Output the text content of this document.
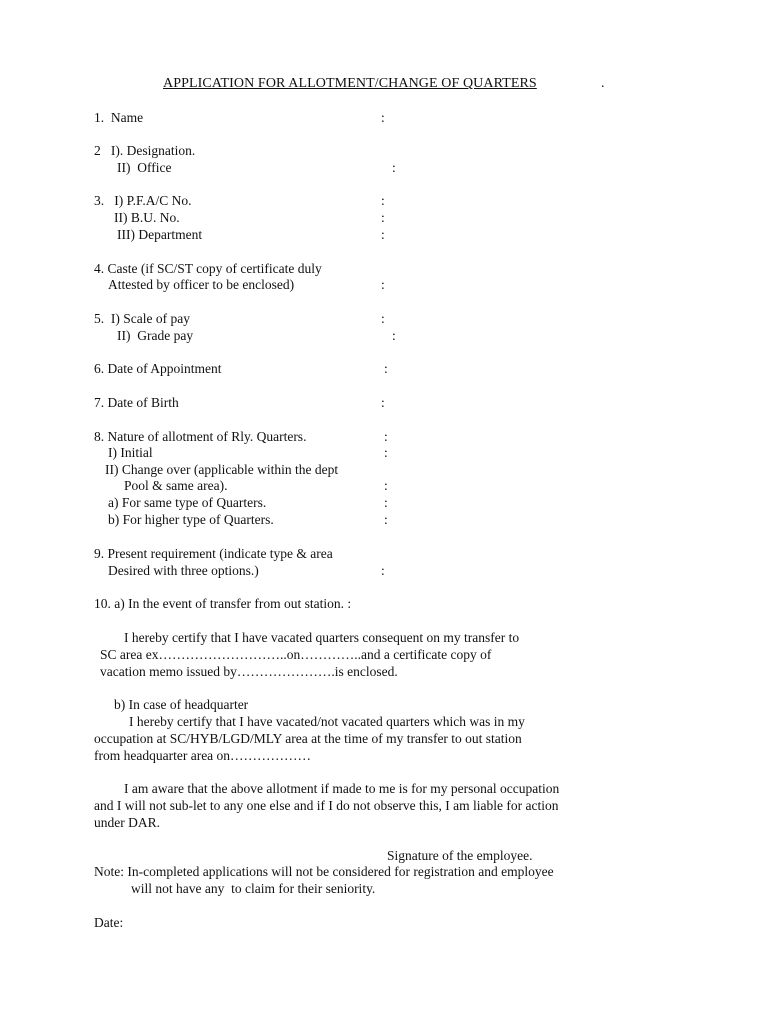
APPLICATION FOR ALLOTMENT/CHANGE OF QUARTERS	.
1.  Name	:
2   I). Designation.
II)  Office	:
3.   I) P.F.A/C No.	:
II) B.U. No.	:
III) Department	:
4. Caste (if SC/ST copy of certificate duly
Attested by officer to be enclosed)	:
5.  I) Scale of pay	:
II)  Grade pay	:
6. Date of Appointment	:
7. Date of Birth	:
8. Nature of allotment of Rly. Quarters.	:
I) Initial	:
II) Change over (applicable within the dept
Pool & same area).	:
a) For same type of Quarters.	:
b) For higher type of Quarters.	:
9. Present requirement (indicate type & area
Desired with three options.)	:
10. a) In the event of transfer from out station. :
I hereby certify that I have vacated quarters consequent on my transfer to
SC area ex………………………..on…………..and a certificate copy of
vacation memo issued by………………….is enclosed.
b) In case of headquarter
I hereby certify that I have vacated/not vacated quarters which was in my
occupation at SC/HYB/LGD/MLY area at the time of my transfer to out station
from headquarter area on………………
I am aware that the above allotment if made to me is for my personal occupation
and I will not sub-let to any one else and if I do not observe this, I am liable for action
under DAR.
Signature of the employee.
Note: In-completed applications will not be considered for registration and employee
will not have any  to claim for their seniority.
Date:
